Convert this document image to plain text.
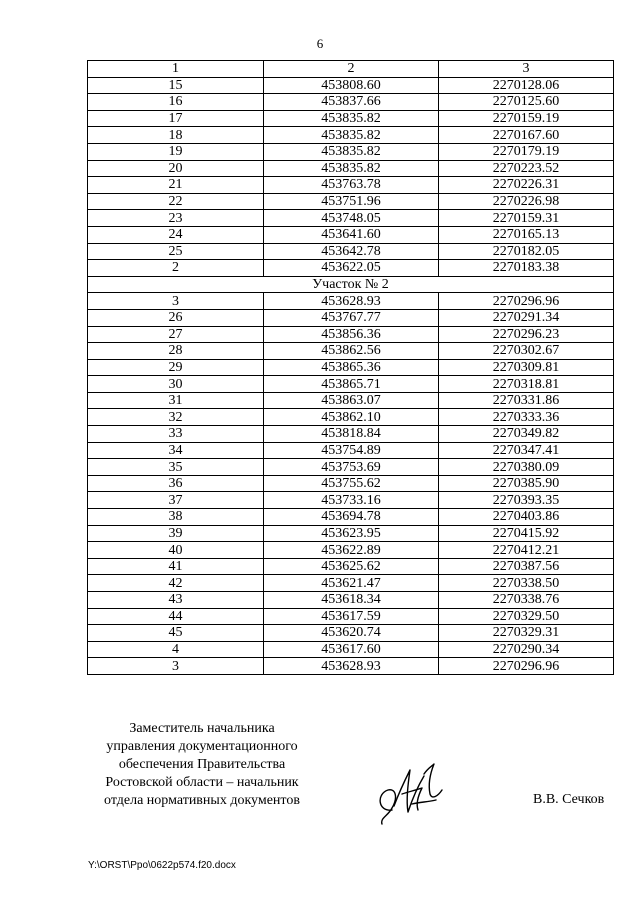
6
1	2	3
15	453808.60	2270128.06
16	453837.66	2270125.60
17	453835.82	2270159.19
18	453835.82	2270167.60
19	453835.82	2270179.19
20	453835.82	2270223.52
21	453763.78	2270226.31
22	453751.96	2270226.98
23	453748.05	2270159.31
24	453641.60	2270165.13
25	453642.78	2270182.05
2	453622.05	2270183.38
Участок № 2		
3	453628.93	2270296.96
26	453767.77	2270291.34
27	453856.36	2270296.23
28	453862.56	2270302.67
29	453865.36	2270309.81
30	453865.71	2270318.81
31	453863.07	2270331.86
32	453862.10	2270333.36
33	453818.84	2270349.82
34	453754.89	2270347.41
35	453753.69	2270380.09
36	453755.62	2270385.90
37	453733.16	2270393.35
38	453694.78	2270403.86
39	453623.95	2270415.92
40	453622.89	2270412.21
41	453625.62	2270387.56
42	453621.47	2270338.50
43	453618.34	2270338.76
44	453617.59	2270329.50
45	453620.74	2270329.31
4	453617.60	2270290.34
3	453628.93	2270296.96
Заместитель начальника
управления документационного
обеспечения Правительства
Ростовской области – начальник
отдела нормативных документов	В.В. Сечков
Y:\ORST\Ppo\0622p574.f20.docx
